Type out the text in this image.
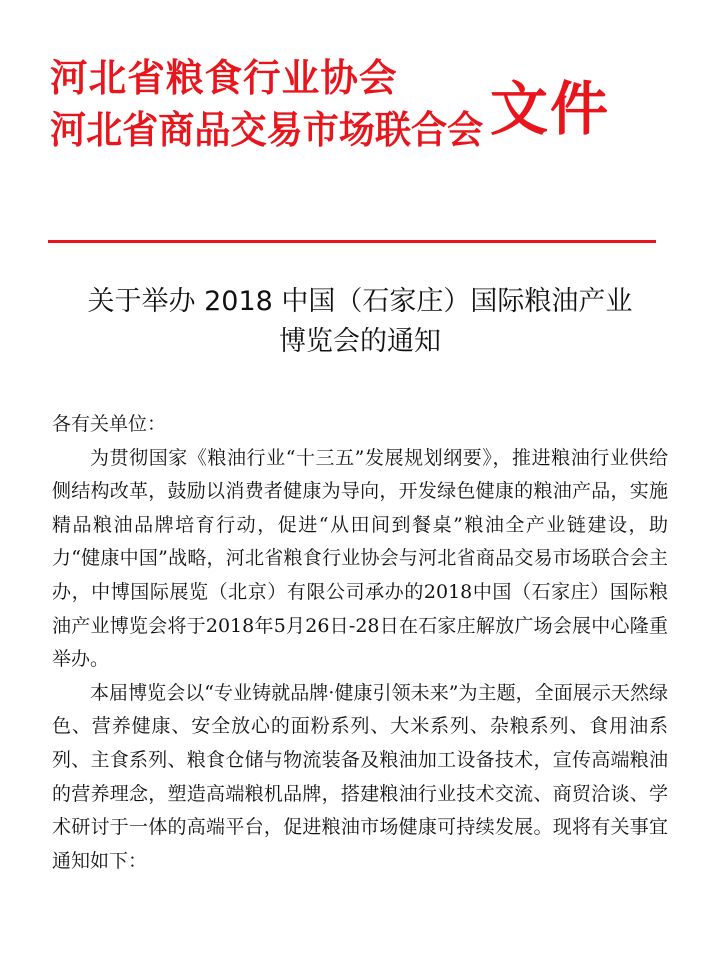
河北省粮食行业协会
河北省商品交易市场联合会 文件
关于举办 2018 中国（石家庄）国际粮油产业
博览会的通知
各有关单位：

为贯彻国家《粮油行业“十三五”发展规划纲要》，推进粮油行业供给侧结构改革，鼓励以消费者健康为导向，开发绿色健康的粮油产品，实施精品粮油品牌培育行动，促进“从田间到餐桌”粮油全产业链建设，助力“健康中国”战略，河北省粮食行业协会与河北省商品交易市场联合会主办，中博国际展览（北京）有限公司承办的2018中国（石家庄）国际粮油产业博览会将于2018年5月26日-28日在石家庄解放广场会展中心隆重举办。

本届博览会以“专业铸就品牌·健康引领未来”为主题，全面展示天然绿色、营养健康、安全放心的面粉系列、大米系列、杂粮系列、食用油系列、主食系列、粮食仓储与物流装备及粮油加工设备技术，宣传高端粮油的营养理念，塑造高端粮机品牌，搭建粮油行业技术交流、商贸洽谈、学术研讨于一体的高端平台，促进粮油市场健康可持续发展。现将有关事宜通知如下：
